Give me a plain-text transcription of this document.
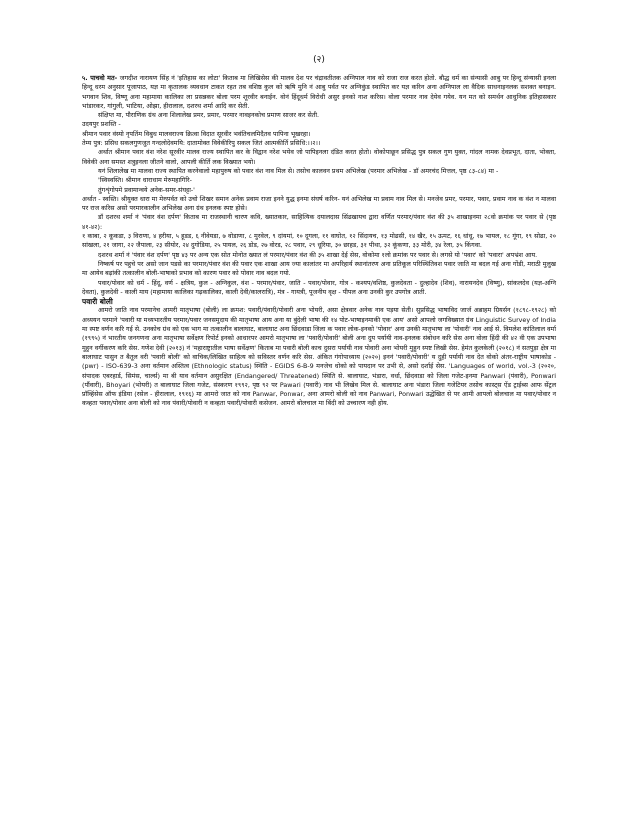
(२)

५. पाचवो मत- जगदीश नारायण सिंह नं 'इतिहास का लोटा' किताब मा लिखिसेस की मालव देश पर चंद्रावतीतक अग्निपाल नाव को राजा राज करत होतो. बौद्ध धर्म का संन्यासी आबु पर हिन्दू संन्यासी इनला हिन्दू धरम अनुसार पूजापाठ, यज्ञ मा कृतालक व्यवधान टाकत रहत तब वशिष्ठ कुल को ऋषि मुनि नं आबु पर्वत पर अग्निकुंड स्थापित कर यज्ञ करिन अना अग्निपाल ला वैदिक साधनाइनलक सशक्त बनाइन. भगवान शिव, विष्णू अना महामाया कालिका ला प्रसन्नकर बोला परम शूरवीर बनाईन. वोनं हिंदूधर्म विरोधी असुर इनको नाश करिस। वोला परमार नाव देयेव गयेव. यन मत को समर्थन आधुनिक इतिहासकार भांडारकर, गांगुली, भाटिया, ओझा, हीरालाल, दशरथ शर्मा आदि कर सेती.

संक्षिप्त मा, पौराणिक ग्रंथ अना शिलालेख प्रमर, प्रमार, परमार नावइनकोच प्रमाण साजर कर सेती.

उदयपुर प्रशस्ति -

श्रीमान पवार वंस्यो नृपतिंम विबुध मालवराज्य क्रित्वा विदात सूरवीर भवंतिचलमिदैतव पापिना भूखरहा।

तेम्य पुत्र: प्रसिध सकलगुणजुत गन्दलोदेवमयि: दातामोक्त विवेकीरिपु सकल जितं आत्मकीर्ति प्रसिधि:।।२।।

अर्थात श्रीमान पवार वंश नरेश सूरवीर मालव राज्य स्थापित कर के विद्वान नरेश भयेव जो पापिइनला दंडित करत होतो। वोकोपाछून प्रसिद्ध पुत्र सकल गुण युक्त, गांदल नामक देवप्रभूत, दाता, भोक्ता, विवेकी अना समस्त शत्रुइनला जीतने वालो, आपली कीर्ति लक विख्यात भयो।

यनं शिलालेख मा मालवा राज्य स्थापित करनेवालो महापुरुष को पवार वंश नाव मिल से। तसोच कालवन प्रथम अभिलेख (परमार अभिलेख - डॉ अमरचंद मित्तल, पृष्ठ ८३-८४) मा -

'स्विस्वस्ति। श्रीमान धाराधाम मेरुमहागिरि-

तुंगशृंगोपमे प्रवामान्वये अनेक-समर-संघट्टा-'

अर्थात - स्वस्ति। श्रीयुक्त धारा मा मेरुपर्वत को उचो शिखर समान अनेक प्रवाम राजा इनने युद्ध इनमा संघर्ष करिन- यनं अभिलेख मा प्रवाम नाव मिल से। मनजेव प्रमर, परमार, पवार, प्रवाम नाव क वंश न मालवा पर राज करिस असो परमारकालीन अभिलेख अना ग्रंथ इनलक स्पष्ट होसे।

डॉ दशरथ शर्मा नं 'पंवार वंश दर्पण' किताब मा राजस्थानी चारण कवि, ख्यातकार, साहित्यिक दयालदास सिंढखायच द्वारा वर्णित परमार/पंवार वंश की ३५ शाखाइनमा २८वो क्रमांक पर पवार से (पृष्ठ ४१-४२):

१ काबा, २ कूकडा, ३ विराणा, ४ हरीया, ५ हूडड, ६ नीवेयडा, ७ वोडाणा, ८ मुरवेल, ९ दांयमां, १० दूगला, ११ वाघोत, १२ सिंदायच, १३ मोढसी, १४ खैर, १५ ऊमट, १६ धांधू, १७ भायल, १८ गूंगा, १९ सोढा, २० सांखला, २१ जागा, २२ जैपाला, २३ सीयोर, २४ दुगोडिया, २५ पायल, २६ डोड, २७ वोरड, २८ पवार, २९ धूरिया, ३० छाहड, ३१ पीथा, ३२ कूंकणा, ३३ मोरी, ३४ रेला, ३५ किंगवा.

दशरथ शर्मा नं 'पंवार वंश दर्पण' पृष्ठ ४३ पर अन्य एक सोत मोनोत ख्यात लं परमार/पंवार वंश की ३५ शाखा देई सेस, वोकोमा १लो क्रमांक पर पवार से। लगसे यो 'पवार' को 'पवारा' अपभ्रंश आय.

निष्कर्ष पर पहुचे पर असो जान पडसे का परमार/पंवार वंश की पवार एक शाखा आय ज्या कालांतर मा अपरिहार्य स्थानांतरण अना प्रतिकूल परिस्थितिवश पवार जाति मा बदल गई अना गोंडी, मराठी मुलुख मा आयेव बढ़ांकी तत्कालीन बोली-भाषाको प्रभाव को कारण पवार को पोवार नाव बदल गयो.

पवार/पोवार को धर्म - हिंदू, वर्ण - क्षत्रिय, कुल - अग्निकुल, वंश - परमार/पंवार, जाति - पवार/पोवार, गोत्र - कश्यप/वशिष्ठ, कुलदेवता - दुल्हादेव (शिव), नारायनदेव (विष्णु), सांकलदेव (यज्ञ-अग्नि देवता), कुलदेवी - काली माय (महामाया कालिका गढ़कालिका, काली देवी/कालरात्रि), मंत्र - गायत्री, पूजनीय वृक्ष - पीपल अना उनकी कुर उपगोत्र आती.

पवारी बोली

आमरो जाति नाव परमानेच आमरी मातृभाषा (बोली) ला क्रमश: पवारी/पंवारी/पोवारी अना भोयरी, असा क्षेत्रवार अनेक नाव पड़या सेती। सुप्रसिद्ध भाषाविद जार्ज अब्राहम ग्रियर्सन (१८९८-१९२८) को अध्ययन परमाने 'पवारी या मध्यभारतीय परमार/पवार जनसमुदाय की मातृभाषा आय अना या बुंदेली भाषा की १४ पोट-भाषाइनमाकी एक आय' असो आपलो जगविख्यात ग्रंथ Linguistic Survey of India मा स्पष्ट वर्णन करि गई से. उनकोच ग्रंथ को एक भाग मा तत्कालीन बालाघाट, बालाघाट अना छिंदवाडा जिला क पवार लोक-इनको 'पोवार' अना उनकी मातृभाषा ला 'पोवारी' नाव आई से. विमलेश कांतिलाल वर्मा (१९९५) नं भारतीय जनगणना अना मातृभाषा सर्वेक्षण रिपोर्ट इनको आधारपर आमरो मातृभाषा ला 'पवारी/पोवारी' बोली अना दुय पर्यायी नाव-इनलक संबोधन करि सेस अना वोला हिंदी की ४२ वी एक उपभाषा मुहुन वर्गीकरण करि सेस. गणेश देवी (२०१३) नं 'महाराष्ट्रातील भाषा सर्वेक्षण' किताब मा पवारी बोली काच दुसरा पर्यायी नाव पोवारी अना भोयरी मुहुन स्पष्ट लिखी सेस. हेमंत कुलकेली (२०१८) नं सतपुड़ा क्षेत्र मा बालाघाट पासुन त बैतूल वरी 'पवारी बोली' को वाचिक/लिखित साहित्य को सविस्तर वर्णन करि सेस. अंकित गंगोपाध्याय (२०२०) इननं 'पवारी/पोवारी' य दुही पर्यायी नाव देत वोको अंतर-राष्ट्रीय भाषाकोड - (pwr) - ISO-639-3 अना वर्तमान अस्तित्व (Ethnologic status) स्थिति - EGIDS 6-B-9 मनजेच धोको को पायदान पर उभी से, असो दर्शाई सेस. 'Languages of world, vol.-3 (२०२०, संपादक एबरहार्ड, सिमंस, चार्ल्स) मा बी याव वर्तमान असुरक्षित (Endangered/ Threatened) स्थिति से. बालाघाट, भंडारा, वर्धा, छिंदवाडा को जिला गजेट-इनमा Panwari (पंवारी), Ponwari (पौंवारी), Bhoyari (भोयरी) त बालाघाट जिला गजेट, संस्करण १९९२, पृष्ठ ९२ पर Pawari (पवारी) नाव भी लिखेव मिल से. बालाघाट अना भंडारा जिला गजेटियर तसोच कास्ट्स ऐंड ट्राईब्स आफ सेंट्रल प्रॉव्हिंसेस ऑफ इंडिया (रसेल - हीरालाल, १९१६) मा आमरो जात को नाव Panwar, Ponwar, अना आमरो बोली को नाव Panwari, Ponwari उद्धेखित से पर आमी आपलो बोलचाल मा पवार/पोवार न कव्हता पवार/पोवार अना बोली को नाव पंवारी/पोवारी न कव्हता पवारी/पोवारी कसेजन. आमरो बोलचाल मा बिंदी को उच्चारण नही होय.
